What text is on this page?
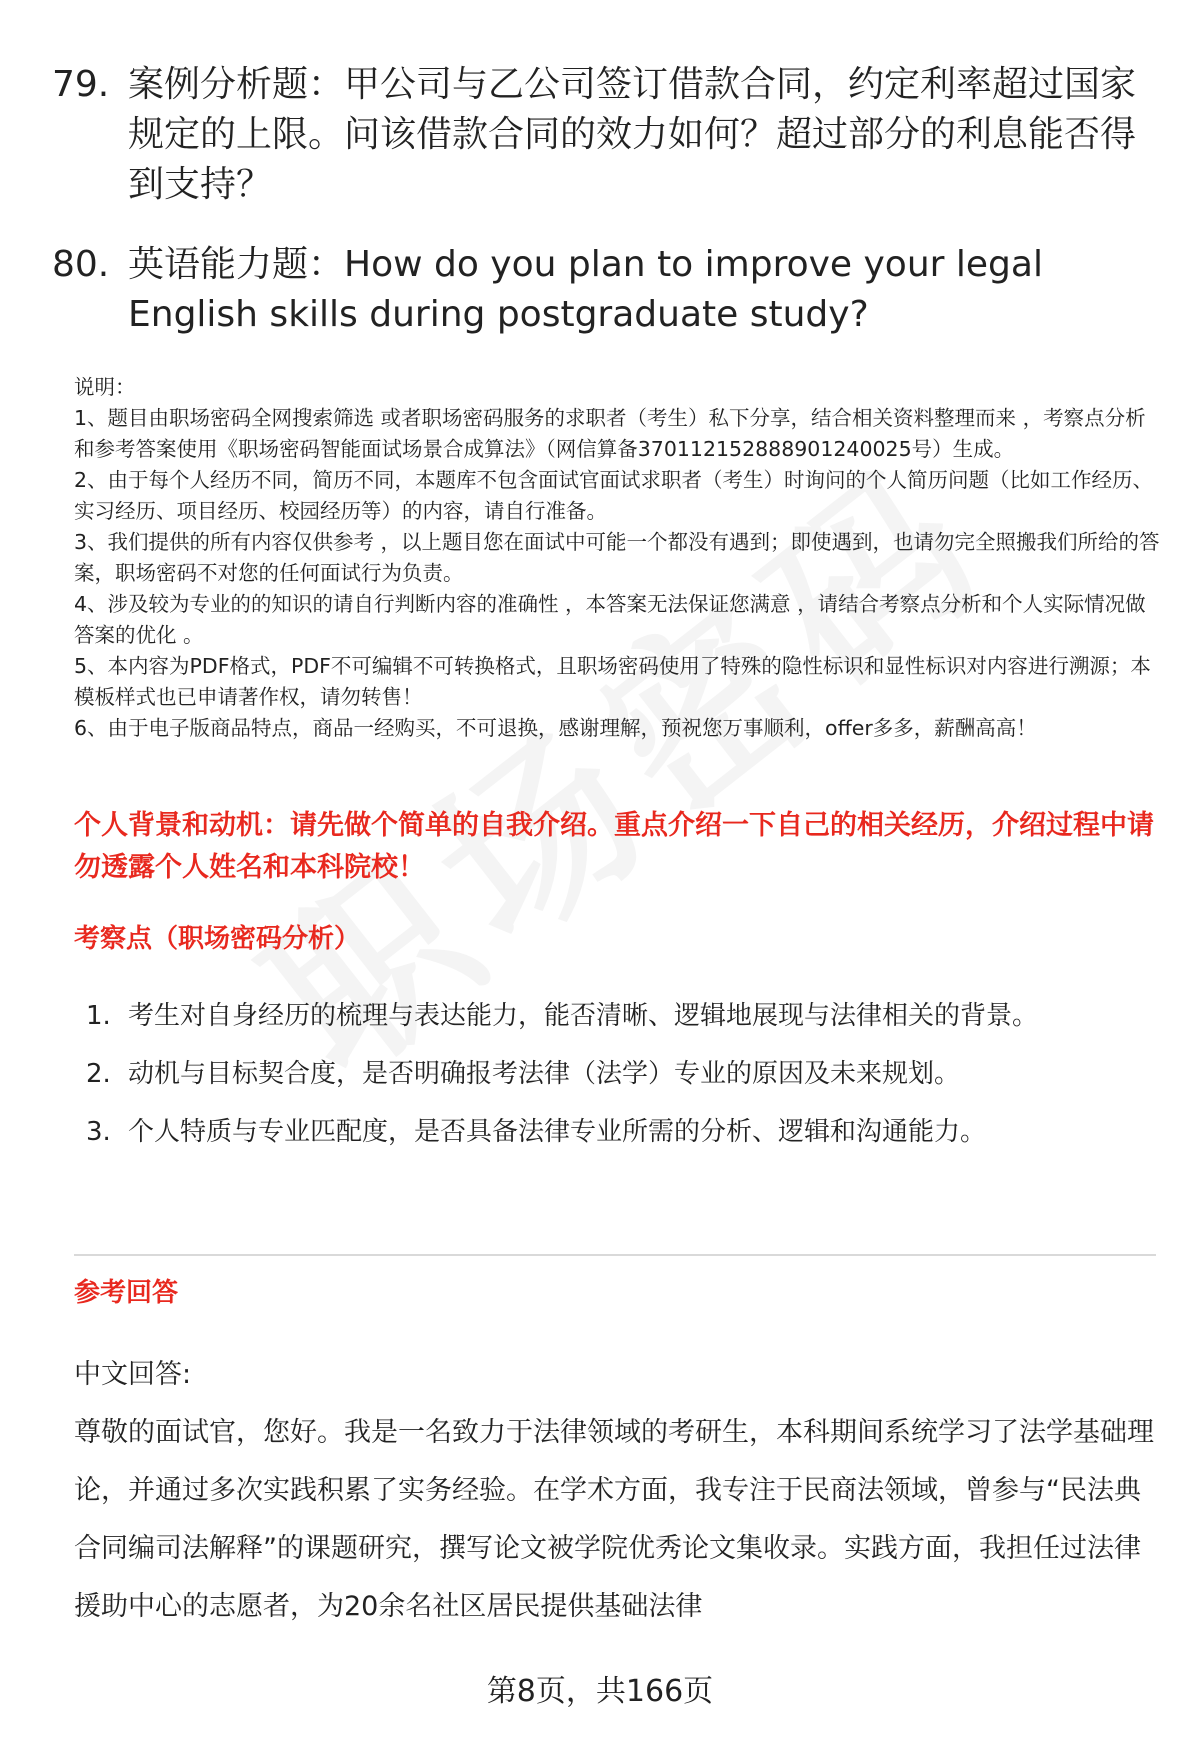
79. 案例分析题：甲公司与乙公司签订借款合同，约定利率超过国家规定的上限。问该借款合同的效力如何？超过部分的利息能否得到支持？
80. 英语能力题：How do you plan to improve your legal English skills during postgraduate study?

说明：

1、题目由职场密码全网搜索筛选 或者职场密码服务的求职者（考生）私下分享，结合相关资料整理而来 ，考察点分析和参考答案使用《职场密码智能面试场景合成算法》（网信算备370112152888901240025号）生成。

2、由于每个人经历不同，简历不同，本题库不包含面试官面试求职者（考生）时询问的个人简历问题（比如工作经历、实习经历、项目经历、校园经历等）的内容，请自行准备。

3、我们提供的所有内容仅供参考 ，以上题目您在面试中可能一个都没有遇到；即使遇到，也请勿完全照搬我们所给的答案，职场密码不对您的任何面试行为负责。

4、涉及较为专业的的知识的请自行判断内容的准确性 ，本答案无法保证您满意 ，请结合考察点分析和个人实际情况做答案的优化 。

5、本内容为PDF格式，PDF不可编辑不可转换格式，且职场密码使用了特殊的隐性标识和显性标识对内容进行溯源；本模板样式也已申请著作权，请勿转售！

6、由于电子版商品特点，商品一经购买，不可退换，感谢理解，预祝您万事顺利，offer多多，薪酬高高！

个人背景和动机：请先做个简单的自我介绍。重点介绍一下自己的相关经历，介绍过程中请勿透露个人姓名和本科院校！
考察点（职场密码分析）
1. 考生对自身经历的梳理与表达能力，能否清晰、逻辑地展现与法律相关的背景。
2. 动机与目标契合度，是否明确报考法律（法学）专业的原因及未来规划。
3. 个人特质与专业匹配度，是否具备法律专业所需的分析、逻辑和沟通能力。
参考回答

中文回答:

尊敬的面试官，您好。我是一名致力于法律领域的考研生，本科期间系统学习了法学基础理论，并通过多次实践积累了实务经验。在学术方面，我专注于民商法领域，曾参与“民法典合同编司法解释”的课题研究，撰写论文被学院优秀论文集收录。实践方面，我担任过法律援助中心的志愿者，为20余名社区居民提供基础法律

第8页，共166页
